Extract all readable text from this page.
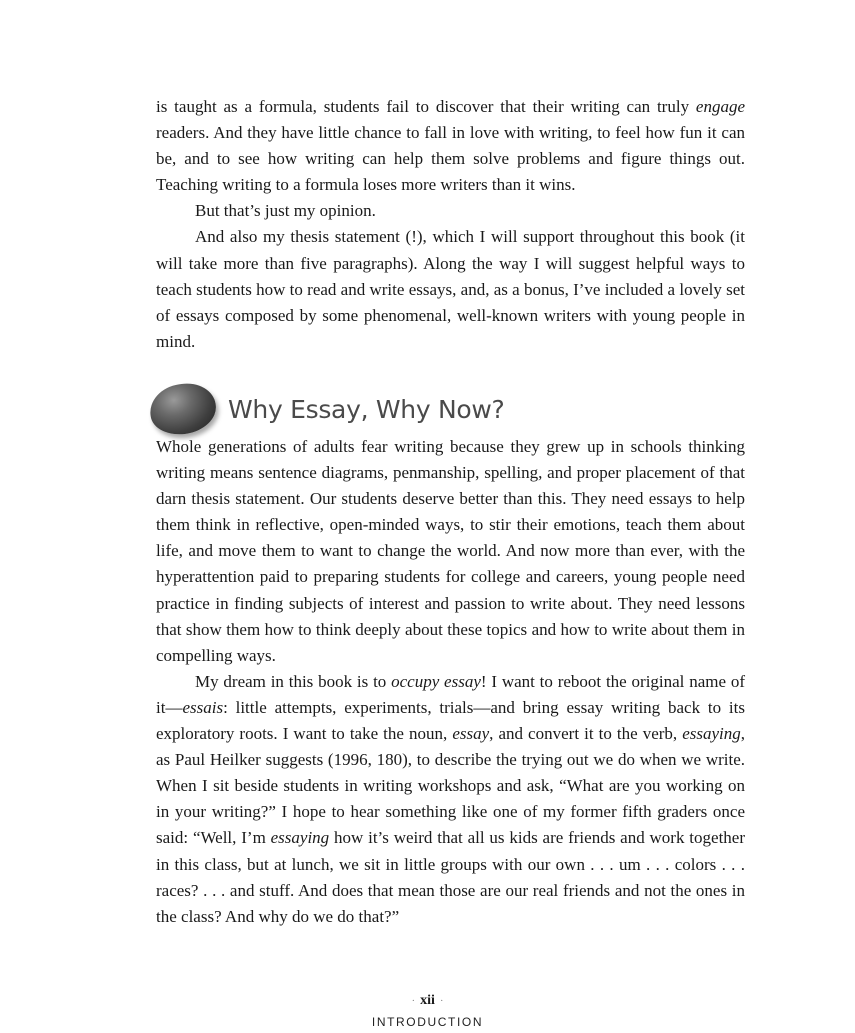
is taught as a formula, students fail to discover that their writing can truly engage readers. And they have little chance to fall in love with writing, to feel how fun it can be, and to see how writing can help them solve problems and figure things out. Teaching writing to a formula loses more writers than it wins.

But that’s just my opinion.

And also my thesis statement (!), which I will support throughout this book (it will take more than five paragraphs). Along the way I will suggest helpful ways to teach students how to read and write essays, and, as a bonus, I’ve included a lovely set of essays composed by some phenomenal, well-known writers with young people in mind.

Why Essay, Why Now?

Whole generations of adults fear writing because they grew up in schools thinking writing means sentence diagrams, penmanship, spelling, and proper placement of that darn thesis statement. Our students deserve better than this. They need essays to help them think in reflective, open-minded ways, to stir their emotions, teach them about life, and move them to want to change the world. And now more than ever, with the hyperattention paid to preparing students for college and careers, young people need practice in finding subjects of interest and passion to write about. They need lessons that show them how to think deeply about these topics and how to write about them in compelling ways.

My dream in this book is to occupy essay! I want to reboot the original name of it—essais: little attempts, experiments, trials—and bring essay writing back to its exploratory roots. I want to take the noun, essay, and convert it to the verb, essaying, as Paul Heilker suggests (1996, 180), to describe the trying out we do when we write. When I sit beside students in writing workshops and ask, “What are you working on in your writing?” I hope to hear something like one of my former fifth graders once said: “Well, I’m essaying how it’s weird that all us kids are friends and work together in this class, but at lunch, we sit in little groups with our own . . . um . . . colors . . . races? . . . and stuff. And does that mean those are our real friends and not the ones in the class? And why do we do that?”

· xii ·
INTRODUCTION
